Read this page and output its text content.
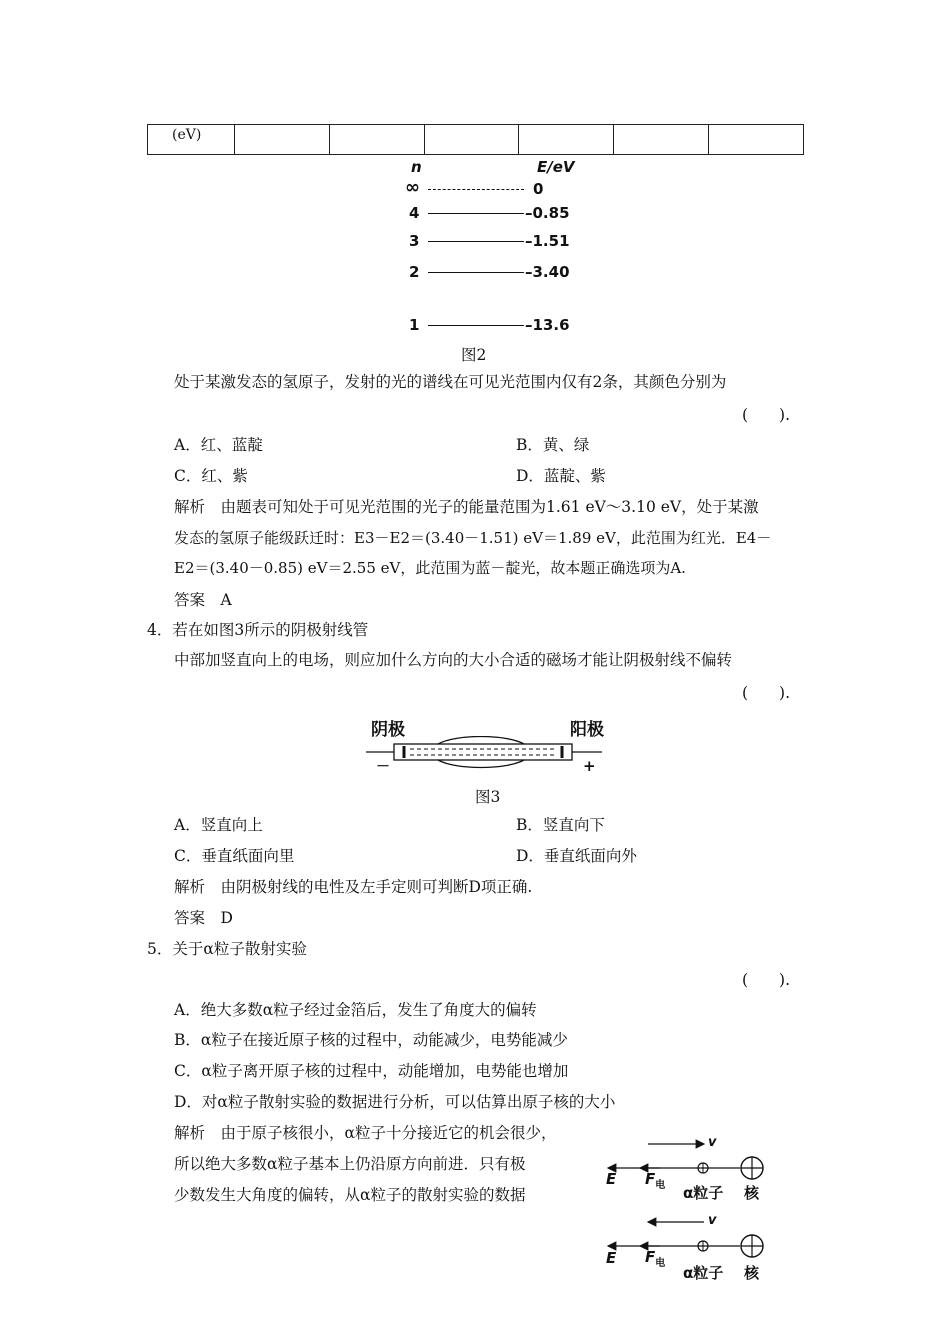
(eV)						
n	E/eV
∞	0
4	–0.85
3	–1.51
2	–3.40
1	–13.6
图2
处于某激发态的氢原子，发射的光的谱线在可见光范围内仅有2条，其颜色分别为
(　　).
A．红、蓝靛	B．黄、绿
C．红、紫	D．蓝靛、紫
解析　由题表可知处于可见光范围的光子的能量范围为1.61 eV～3.10 eV，处于某激
发态的氢原子能级跃迁时：E3－E2＝(3.40－1.51) eV＝1.89 eV，此范围为红光．E4－
E2＝(3.40－0.85) eV＝2.55 eV，此范围为蓝－靛光，故本题正确选项为A.
答案　A
4．若在如图3所示的阴极射线管
中部加竖直向上的电场，则应加什么方向的大小合适的磁场才能让阴极射线不偏转
(　　).
阴极	阳极
－	+
图3
A．竖直向上	B．竖直向下
C．垂直纸面向里	D．垂直纸面向外
解析　由阴极射线的电性及左手定则可判断D项正确.
答案　D
5．关于α粒子散射实验
(　　).
A．绝大多数α粒子经过金箔后，发生了角度大的偏转
B．α粒子在接近原子核的过程中，动能减少，电势能减少
C．α粒子离开原子核的过程中，动能增加，电势能也增加
D．对α粒子散射实验的数据进行分析，可以估算出原子核的大小
解析　由于原子核很小，α粒子十分接近它的机会很少，
所以绝大多数α粒子基本上仍沿原方向前进．只有极
少数发生大角度的偏转，从α粒子的散射实验的数据
v
E $F_电$ α粒子 核
v
E $F_电$
α粒子 核
